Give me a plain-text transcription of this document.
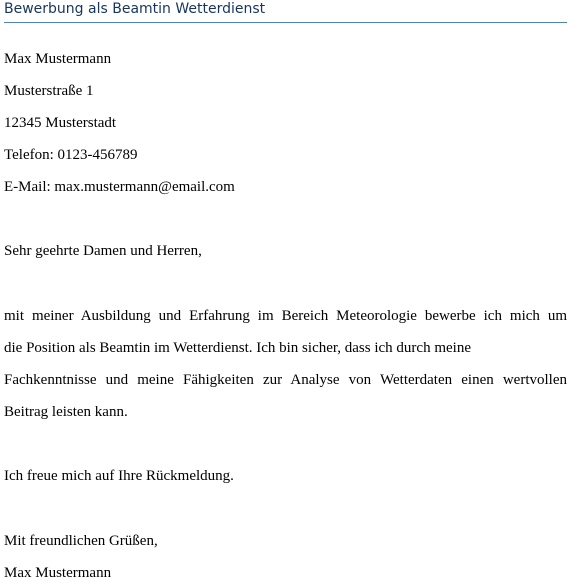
Bewerbung als Beamtin Wetterdienst
Max Mustermann
Musterstraße 1
12345 Musterstadt
Telefon: 0123-456789
E-Mail: max.mustermann@email.com
Sehr geehrte Damen und Herren,
mit meiner Ausbildung und Erfahrung im Bereich Meteorologie bewerbe ich mich um
die Position als Beamtin im Wetterdienst. Ich bin sicher, dass ich durch meine
Fachkenntnisse und meine Fähigkeiten zur Analyse von Wetterdaten einen wertvollen
Beitrag leisten kann.
Ich freue mich auf Ihre Rückmeldung.
Mit freundlichen Grüßen,
Max Mustermann
